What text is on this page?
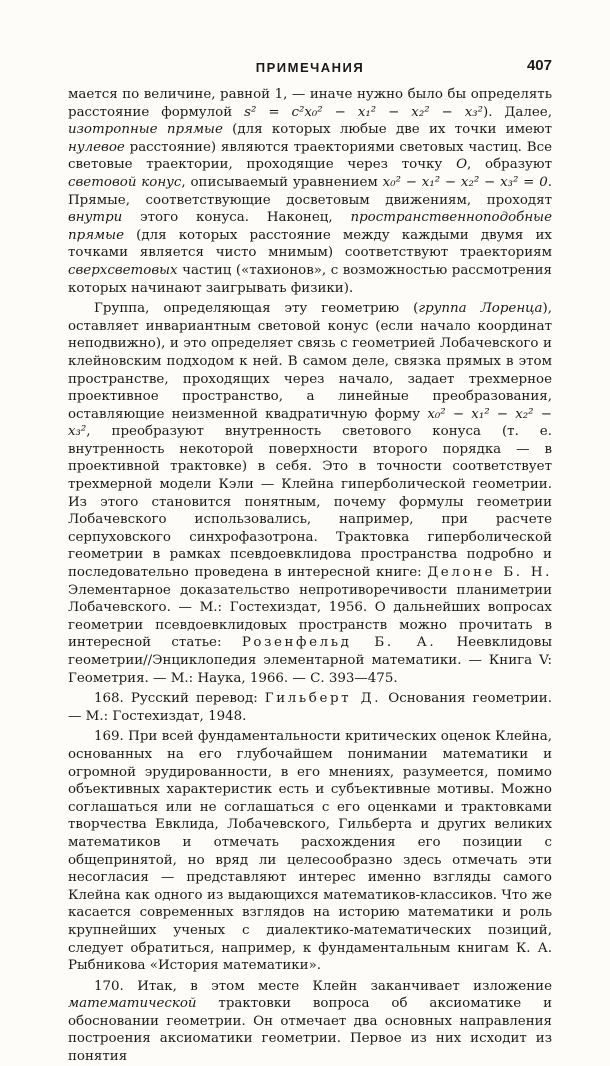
ПРИМЕЧАНИЯ	407

мается по величине, равной 1, — иначе нужно было бы определять расстояние формулой s² = c²x₀² − x₁² − x₂² − x₃²). Далее, изотропные прямые (для которых любые две их точки имеют нулевое расстояние) являются траекториями световых частиц. Все световые траектории, проходящие через точку O, образуют световой конус, описываемый уравнением x₀² − x₁² − x₂² − x₃² = 0. Прямые, соответствующие досветовым движениям, проходят внутри этого конуса. Наконец, пространственноподобные прямые (для которых расстояние между каждыми двумя их точками является чисто мнимым) соответствуют траекториям сверхсветовых частиц («тахионов», с возможностью рассмотрения которых начинают заигрывать физики).

Группа, определяющая эту геометрию (группа Лоренца), оставляет инвариантным световой конус (если начало координат неподвижно), и это определяет связь с геометрией Лобачевского и клейновским подходом к ней. В самом деле, связка прямых в этом пространстве, проходящих через начало, задает трехмерное проективное пространство, а линейные преобразования, оставляющие неизменной квадратичную форму x₀² − x₁² − x₂² − x₃², преобразуют внутренность светового конуса (т. е. внутренность некоторой поверхности второго порядка — в проективной трактовке) в себя. Это в точности соответствует трехмерной модели Кэли — Клейна гиперболической геометрии. Из этого становится понятным, почему формулы геометрии Лобачевского использовались, например, при расчете серпуховского синхрофазотрона. Трактовка гиперболической геометрии в рамках псевдоевклидова пространства подробно и последовательно проведена в интересной книге: Делоне Б. Н. Элементарное доказательство непротиворечивости планиметрии Лобачевского. — М.: Гостехиздат, 1956. О дальнейших вопросах геометрии псевдоевклидовых пространств можно прочитать в интересной статье: Розенфельд Б. А. Неевклидовы геометрии//Энциклопедия элементарной математики. — Книга V: Геометрия. — М.: Наука, 1966. — С. 393—475.

168. Русский перевод: Гильберт Д. Основания геометрии. — М.: Гостехиздат, 1948.

169. При всей фундаментальности критических оценок Клейна, основанных на его глубочайшем понимании математики и огромной эрудированности, в его мнениях, разумеется, помимо объективных характеристик есть и субъективные мотивы. Можно соглашаться или не соглашаться с его оценками и трактовками творчества Евклида, Лобачевского, Гильберта и других великих математиков и отмечать расхождения его позиции с общепринятой, но вряд ли целесообразно здесь отмечать эти несогласия — представляют интерес именно взгляды самого Клейна как одного из выдающихся математиков-классиков. Что же касается современных взглядов на историю математики и роль крупнейших ученых с диалектико-математических позиций, следует обратиться, например, к фундаментальным книгам К. А. Рыбникова «История математики».

170. Итак, в этом месте Клейн заканчивает изложение математической трактовки вопроса об аксиоматике и обосновании геометрии. Он отмечает два основных направления построения аксиоматики геометрии. Первое из них исходит из понятия
